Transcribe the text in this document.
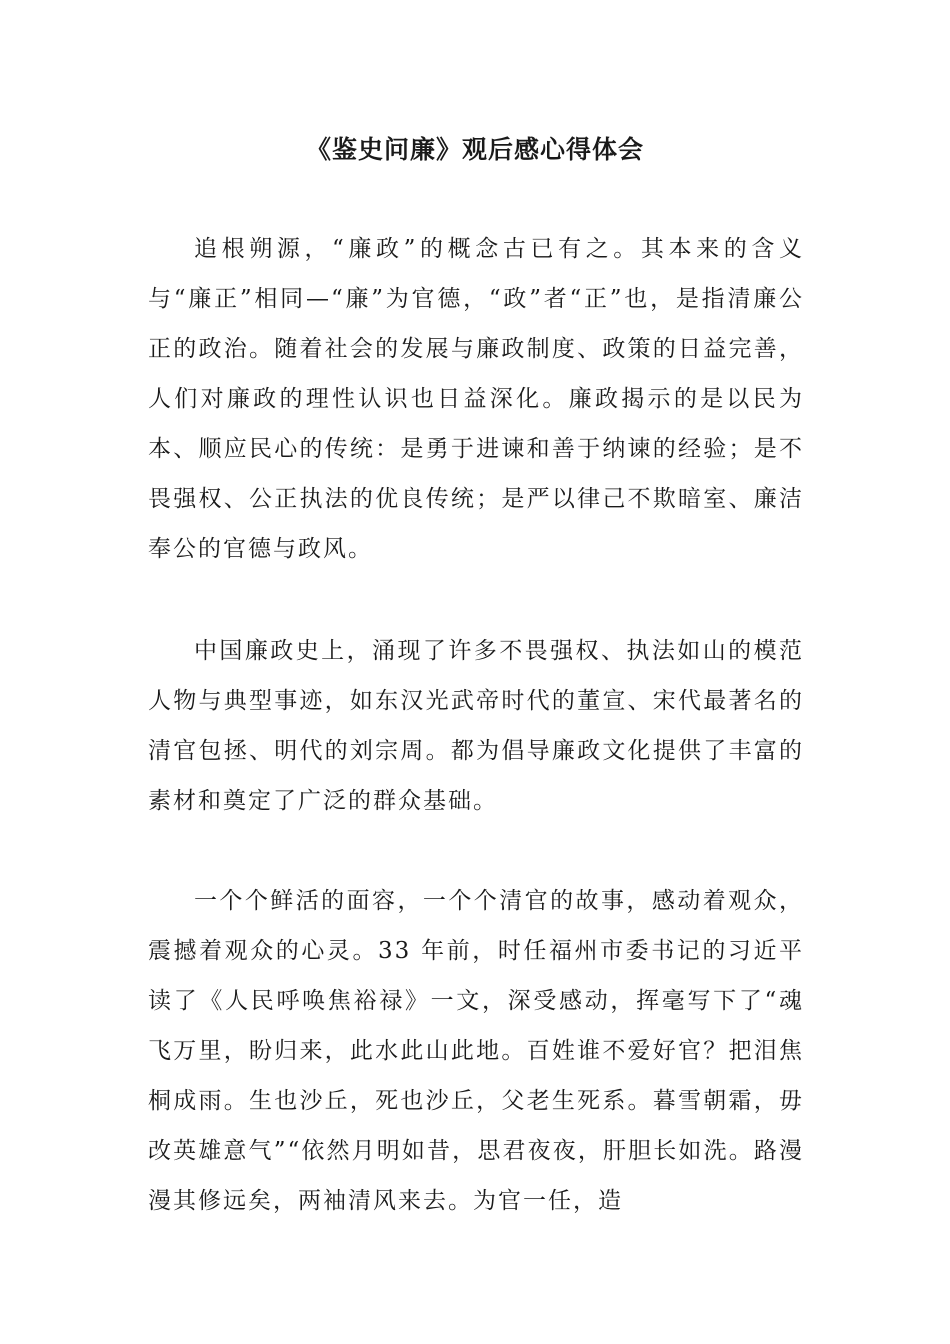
《鉴史问廉》观后感心得体会

追根朔源，“廉政”的概念古已有之。其本来的含义与“廉正”相同—“廉”为官德，“政”者“正”也，是指清廉公正的政治。随着社会的发展与廉政制度、政策的日益完善，人们对廉政的理性认识也日益深化。廉政揭示的是以民为本、顺应民心的传统：是勇于进谏和善于纳谏的经验；是不畏强权、公正执法的优良传统；是严以律己不欺暗室、廉洁奉公的官德与政风。

中国廉政史上，涌现了许多不畏强权、执法如山的模范人物与典型事迹，如东汉光武帝时代的董宣、宋代最著名的清官包拯、明代的刘宗周。都为倡导廉政文化提供了丰富的素材和奠定了广泛的群众基础。

一个个鲜活的面容，一个个清官的故事，感动着观众，震撼着观众的心灵。33 年前，时任福州市委书记的习近平读了《人民呼唤焦裕禄》一文，深受感动，挥毫写下了“魂飞万里，盼归来，此水此山此地。百姓谁不爱好官？把泪焦桐成雨。生也沙丘，死也沙丘，父老生死系。暮雪朝霜，毋改英雄意气”“依然月明如昔，思君夜夜，肝胆长如洗。路漫漫其修远矣，两袖清风来去。为官一任，造
